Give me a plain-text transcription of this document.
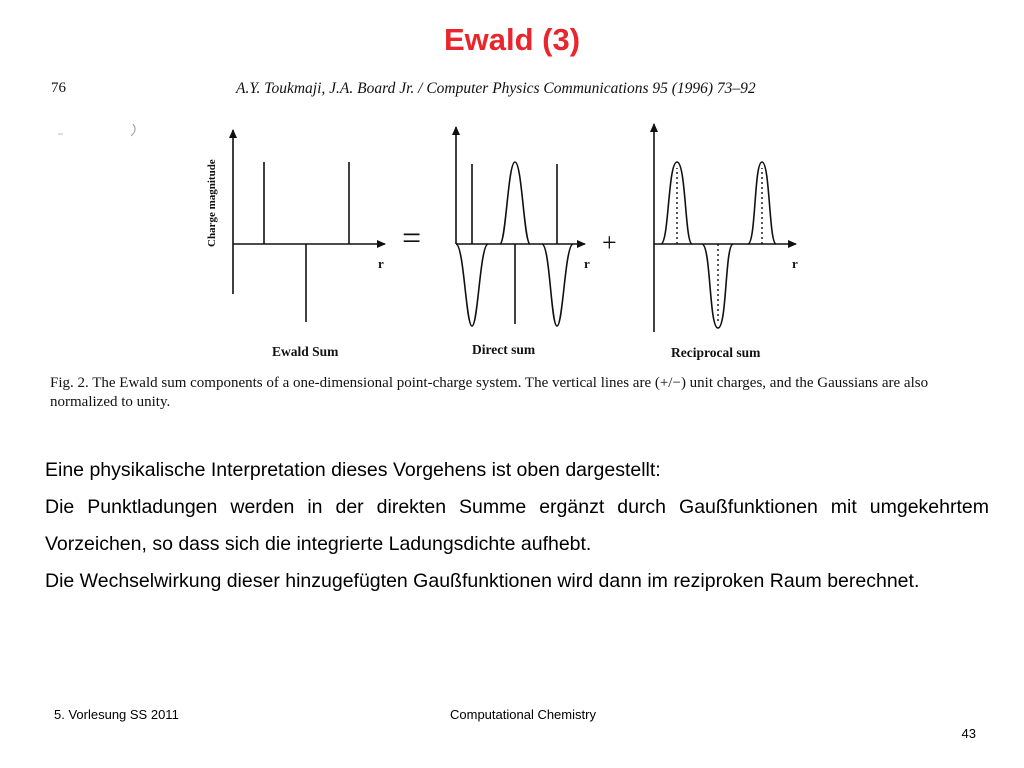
Ewald (3)
76	A.Y. Toukmaji, J.A. Board Jr. / Computer Physics Communications 95 (1996) 73–92
Charge magnitude
r	r	r
=	+
Ewald Sum	Direct sum	Reciprocal sum
Fig. 2. The Ewald sum components of a one-dimensional point-charge system. The vertical lines are (+/−) unit charges, and the Gaussians are also normalized to unity.

Eine physikalische Interpretation dieses Vorgehens ist oben dargestellt:

Die Punktladungen werden in der direkten Summe ergänzt durch Gaußfunktionen mit umgekehrtem Vorzeichen, so dass sich die integrierte Ladungsdichte aufhebt.

Die Wechselwirkung dieser hinzugefügten Gaußfunktionen wird dann im reziproken Raum berechnet.

5. Vorlesung SS 2011	Computational Chemistry
43
